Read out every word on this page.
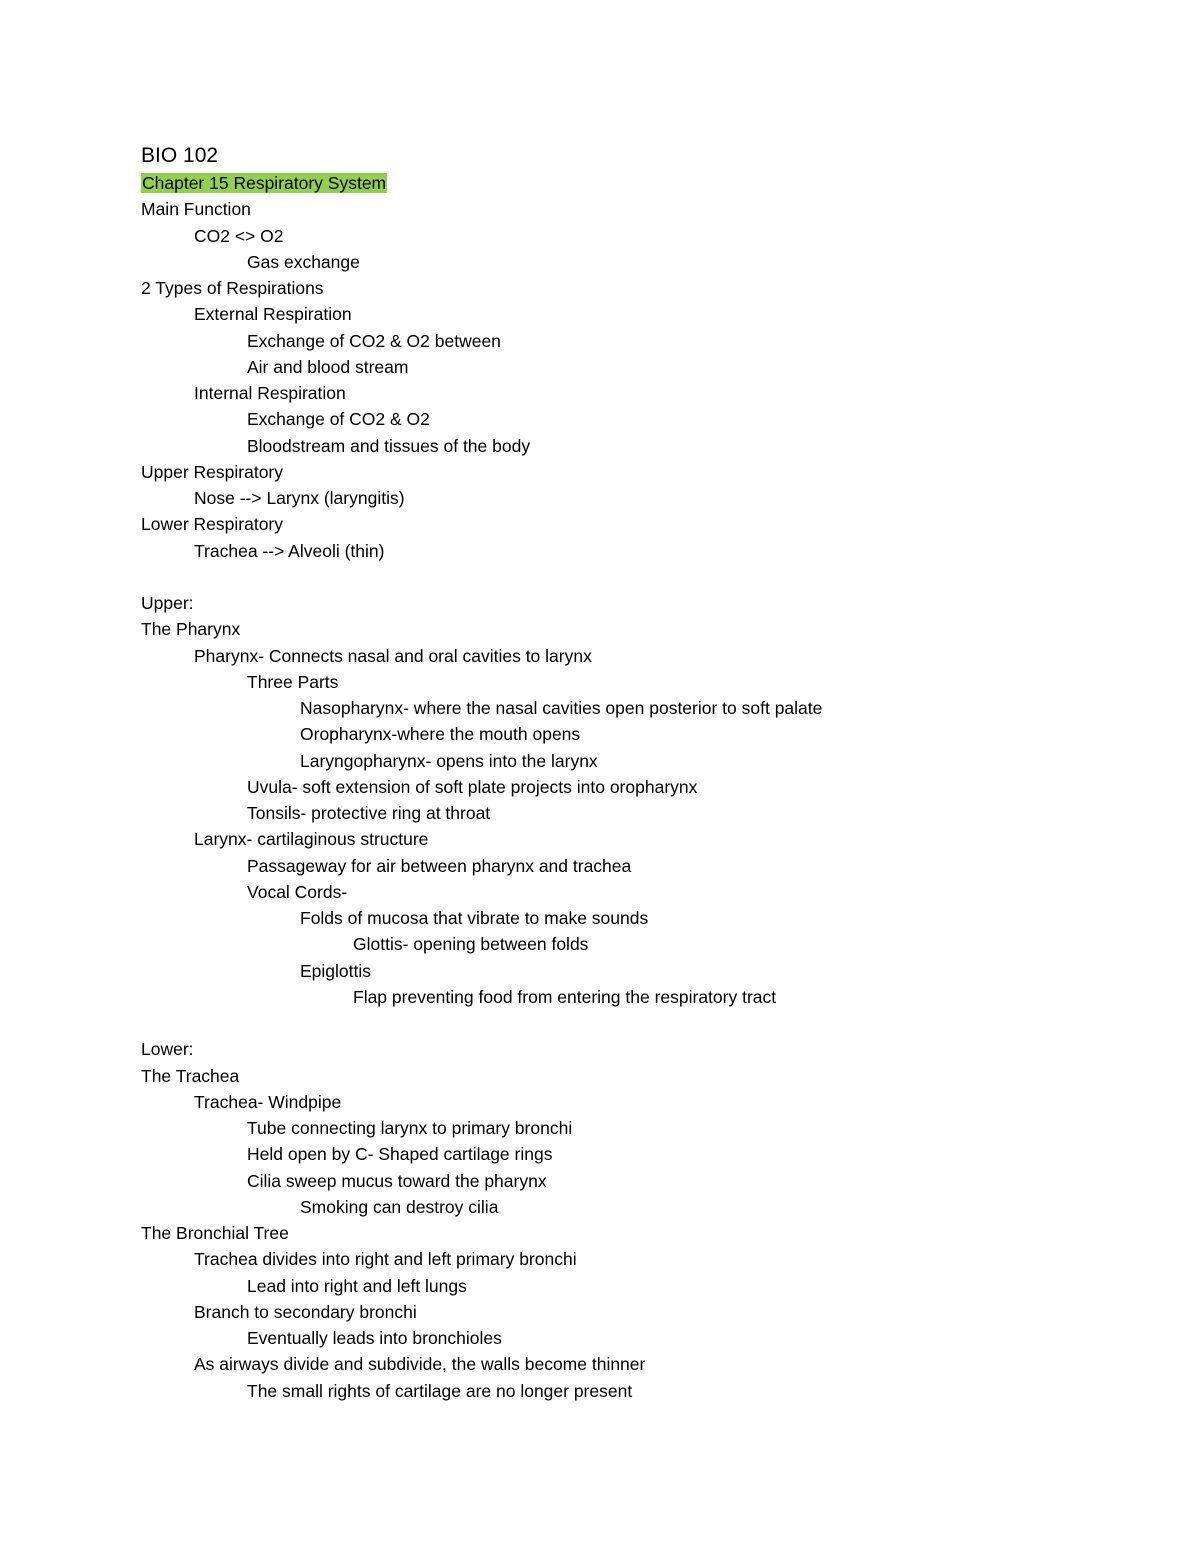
BIO 102
Chapter 15 Respiratory System
Main Function
CO2 <> O2
Gas exchange
2 Types of Respirations
External Respiration
Exchange of CO2 & O2 between
Air and blood stream
Internal Respiration
Exchange of CO2 & O2
Bloodstream and tissues of the body
Upper Respiratory
Nose --> Larynx (laryngitis)
Lower Respiratory
Trachea --> Alveoli (thin)
Upper:
The Pharynx
Pharynx- Connects nasal and oral cavities to larynx
Three Parts
Nasopharynx- where the nasal cavities open posterior to soft palate
Oropharynx-where the mouth opens
Laryngopharynx- opens into the larynx
Uvula- soft extension of soft plate projects into oropharynx
Tonsils- protective ring at throat
Larynx- cartilaginous structure
Passageway for air between pharynx and trachea
Vocal Cords-
Folds of mucosa that vibrate to make sounds
Glottis- opening between folds
Epiglottis
Flap preventing food from entering the respiratory tract
Lower:
The Trachea
Trachea- Windpipe
Tube connecting larynx to primary bronchi
Held open by C- Shaped cartilage rings
Cilia sweep mucus toward the pharynx
Smoking can destroy cilia
The Bronchial Tree
Trachea divides into right and left primary bronchi
Lead into right and left lungs
Branch to secondary bronchi
Eventually leads into bronchioles
As airways divide and subdivide, the walls become thinner
The small rights of cartilage are no longer present
